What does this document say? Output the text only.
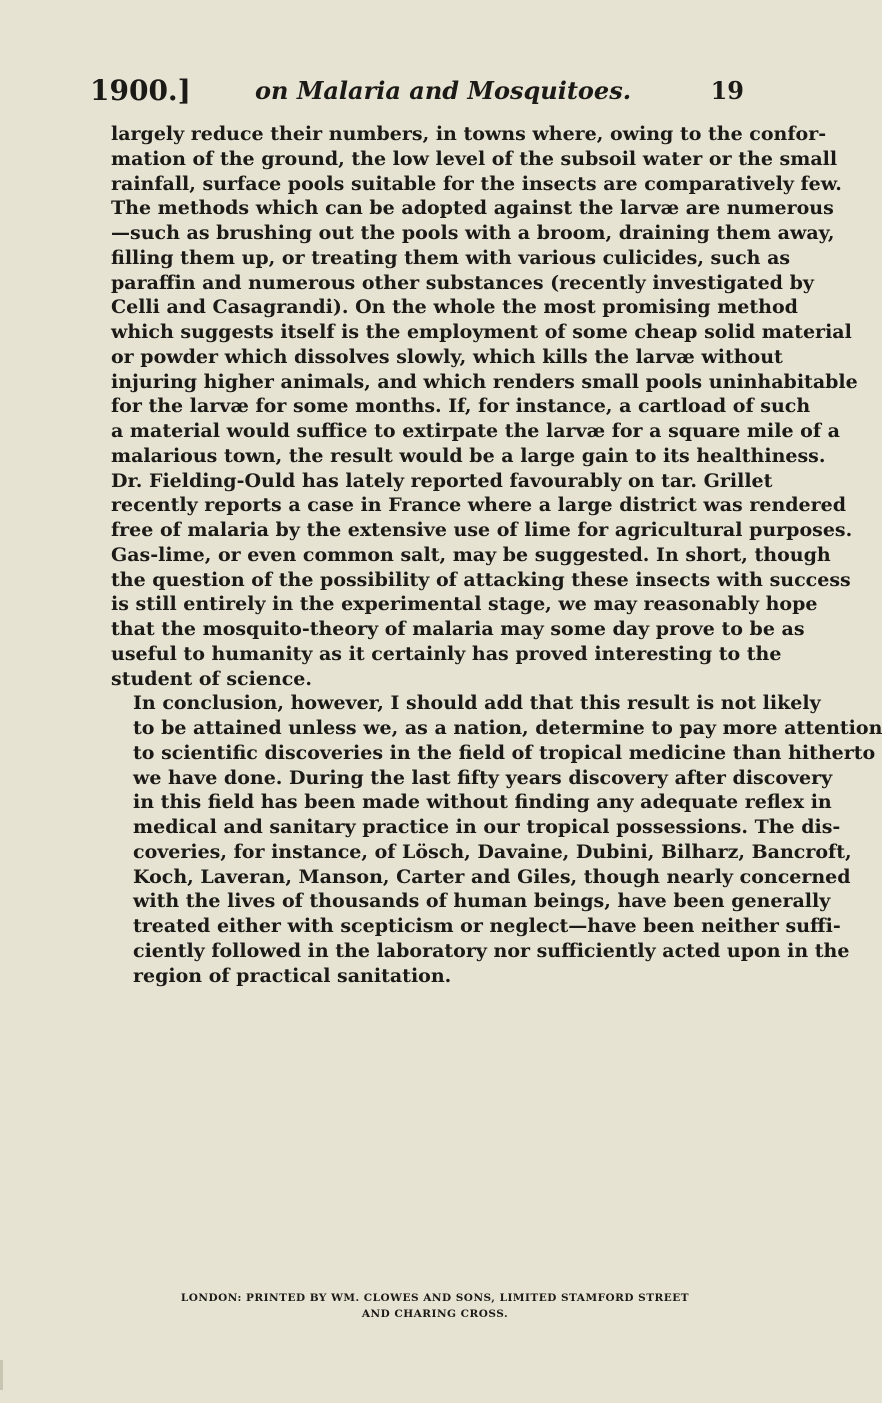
1900.]	on Malaria and Mosquitoes.	19

largely reduce their numbers, in towns where, owing to the confor-
mation of the ground, the low level of the subsoil water or the small
rainfall, surface pools suitable for the insects are comparatively few.
The methods which can be adopted against the larvæ are numerous
—such as brushing out the pools with a broom, draining them away,
filling them up, or treating them with various culicides, such as
paraffin and numerous other substances (recently investigated by
Celli and Casagrandi). On the whole the most promising method
which suggests itself is the employment of some cheap solid material
or powder which dissolves slowly, which kills the larvæ without
injuring higher animals, and which renders small pools uninhabitable
for the larvæ for some months. If, for instance, a cartload of such
a material would suffice to extirpate the larvæ for a square mile of a
malarious town, the result would be a large gain to its healthiness.
Dr. Fielding-Ould has lately reported favourably on tar. Grillet
recently reports a case in France where a large district was rendered
free of malaria by the extensive use of lime for agricultural purposes.
Gas-lime, or even common salt, may be suggested. In short, though
the question of the possibility of attacking these insects with success
is still entirely in the experimental stage, we may reasonably hope
that the mosquito-theory of malaria may some day prove to be as
useful to humanity as it certainly has proved interesting to the
student of science.

In conclusion, however, I should add that this result is not likely
to be attained unless we, as a nation, determine to pay more attention
to scientific discoveries in the field of tropical medicine than hitherto
we have done. During the last fifty years discovery after discovery
in this field has been made without finding any adequate reflex in
medical and sanitary practice in our tropical possessions. The dis-
coveries, for instance, of Lösch, Davaine, Dubini, Bilharz, Bancroft,
Koch, Laveran, Manson, Carter and Giles, though nearly concerned
with the lives of thousands of human beings, have been generally
treated either with scepticism or neglect—have been neither suffi-
ciently followed in the laboratory nor sufficiently acted upon in the
region of practical sanitation.

LONDON: PRINTED BY WM. CLOWES AND SONS, LIMITED STAMFORD STREET
AND CHARING CROSS.
